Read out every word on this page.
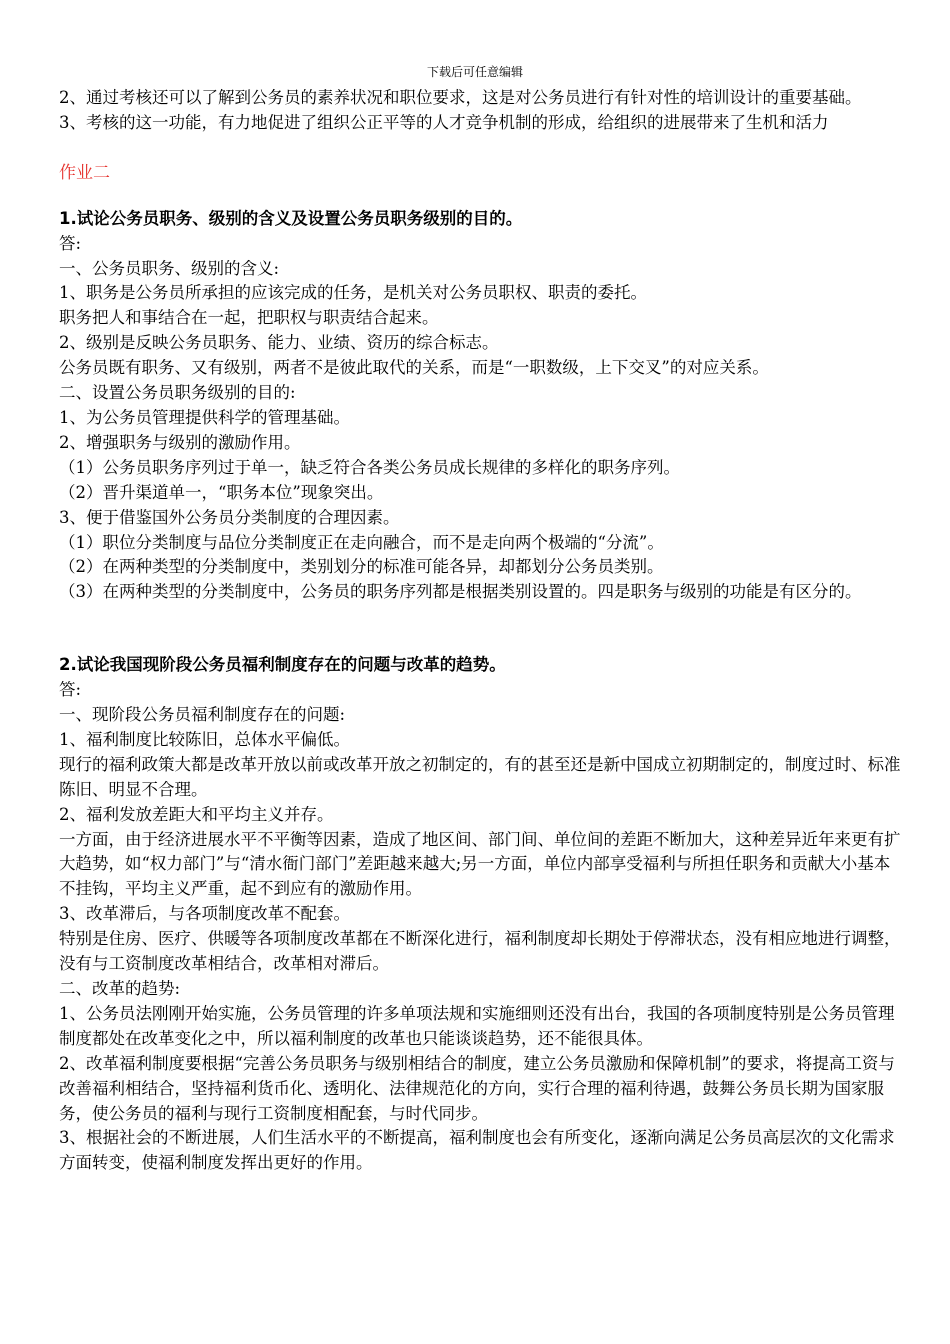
下载后可任意编辑

2、通过考核还可以了解到公务员的素养状况和职位要求，这是对公务员进行有针对性的培训设计的重要基础。

3、考核的这一功能，有力地促进了组织公正平等的人才竞争机制的形成，给组织的进展带来了生机和活力

作业二

1.试论公务员职务、级别的含义及设置公务员职务级别的目的。

答:

一、公务员职务、级别的含义:

1、职务是公务员所承担的应该完成的任务，是机关对公务员职权、职责的委托。

职务把人和事结合在一起，把职权与职责结合起来。

2、级别是反映公务员职务、能力、业绩、资历的综合标志。

公务员既有职务、又有级别，两者不是彼此取代的关系，而是“一职数级，上下交叉”的对应关系。

二、设置公务员职务级别的目的:

1、为公务员管理提供科学的管理基础。

2、增强职务与级别的激励作用。

（1）公务员职务序列过于单一，缺乏符合各类公务员成长规律的多样化的职务序列。

（2）晋升渠道单一，“职务本位”现象突出。

3、便于借鉴国外公务员分类制度的合理因素。

（1）职位分类制度与品位分类制度正在走向融合，而不是走向两个极端的“分流”。

（2）在两种类型的分类制度中，类别划分的标准可能各异，却都划分公务员类别。

（3）在两种类型的分类制度中，公务员的职务序列都是根据类别设置的。四是职务与级别的功能是有区分的。

2.试论我国现阶段公务员福利制度存在的问题与改革的趋势。

答:

一、现阶段公务员福利制度存在的问题:

1、福利制度比较陈旧，总体水平偏低。

现行的福利政策大都是改革开放以前或改革开放之初制定的，有的甚至还是新中国成立初期制定的，制度过时、标准陈旧、明显不合理。

2、福利发放差距大和平均主义并存。

一方面，由于经济进展水平不平衡等因素，造成了地区间、部门间、单位间的差距不断加大，这种差异近年来更有扩大趋势，如“权力部门”与“清水衙门部门”差距越来越大;另一方面，单位内部享受福利与所担任职务和贡献大小基本不挂钩，平均主义严重，起不到应有的激励作用。

3、改革滞后，与各项制度改革不配套。

特别是住房、医疗、供暖等各项制度改革都在不断深化进行，福利制度却长期处于停滞状态，没有相应地进行调整，没有与工资制度改革相结合，改革相对滞后。

二、改革的趋势:

1、公务员法刚刚开始实施，公务员管理的许多单项法规和实施细则还没有出台，我国的各项制度特别是公务员管理制度都处在改革变化之中，所以福利制度的改革也只能谈谈趋势，还不能很具体。

2、改革福利制度要根据“完善公务员职务与级别相结合的制度，建立公务员激励和保障机制”的要求，将提高工资与改善福利相结合，坚持福利货币化、透明化、法律规范化的方向，实行合理的福利待遇，鼓舞公务员长期为国家服务，使公务员的福利与现行工资制度相配套，与时代同步。

3、根据社会的不断进展，人们生活水平的不断提高，福利制度也会有所变化，逐渐向满足公务员高层次的文化需求方面转变，使福利制度发挥出更好的作用。
